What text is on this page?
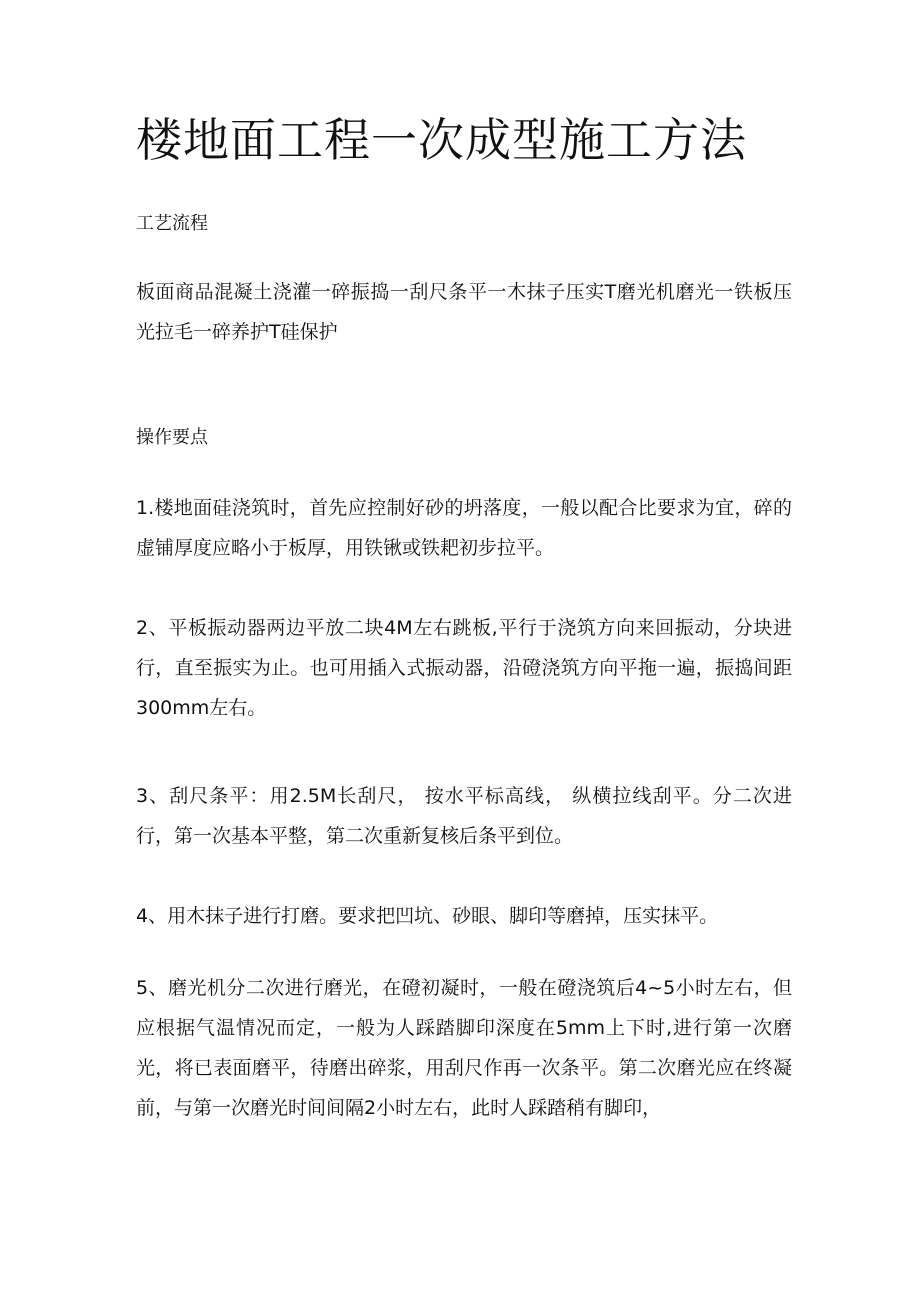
楼地面工程一次成型施工方法

工艺流程

板面商品混凝土浇灌一碎振捣一刮尺条平一木抹子压实T磨光机磨光一铁板压光拉毛一碎养护T硅保护

操作要点

1.楼地面硅浇筑时，首先应控制好砂的坍落度，一般以配合比要求为宜，碎的虚铺厚度应略小于板厚，用铁锹或铁耙初步拉平。

2、平板振动器两边平放二块4M左右跳板,平行于浇筑方向来回振动，分块进行，直至振实为止。也可用插入式振动器，沿磴浇筑方向平拖一遍，振捣间距300mm左右。

3、刮尺条平：用2.5M长刮尺， 按水平标高线， 纵横拉线刮平。分二次进行，第一次基本平整，第二次重新复核后条平到位。

4、用木抹子进行打磨。要求把凹坑、砂眼、脚印等磨掉，压实抹平。

5、磨光机分二次进行磨光，在磴初凝时，一般在磴浇筑后4~5小时左右，但应根据气温情况而定，一般为人踩踏脚印深度在5mm上下时,进行第一次磨光，将已表面磨平，待磨出碎浆，用刮尺作再一次条平。第二次磨光应在终凝前，与第一次磨光时间间隔2小时左右，此时人踩踏稍有脚印，
